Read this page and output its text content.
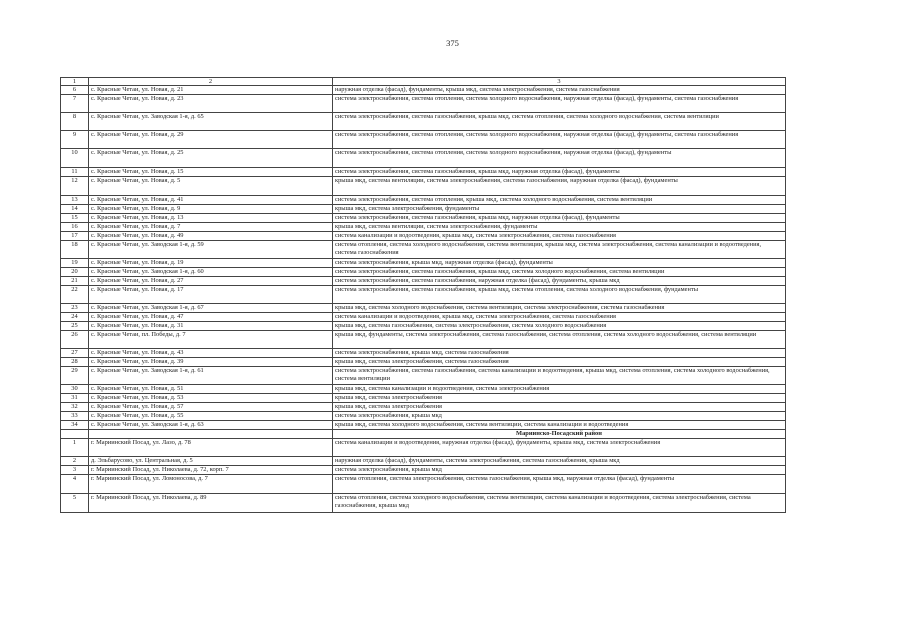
375
1	2	3
6	с. Красные Четаи, ул. Новая, д. 21	наружная отделка (фасад), фундаменты, крыша мкд, система электроснабжения, система газоснабжения
7	с. Красные Четаи, ул. Новая, д. 23	система электроснабжения, система отопления, система холодного водоснабжения, наружная отделка (фасад), фундаменты, система газоснабжения
8	с. Красные Четаи, ул. Заводская 1-я, д. 65	система электроснабжения, система газоснабжения, крыша мкд, система отопления, система холодного водоснабжения, система вентиляции
9	с. Красные Четаи, ул. Новая, д. 29	система электроснабжения, система отопления, система холодного водоснабжения, наружная отделка (фасад), фундаменты, система газоснабжения
10	с. Красные Четаи, ул. Новая, д. 25	система электроснабжения, система отопления, система холодного водоснабжения, наружная отделка (фасад), фундаменты
11	с. Красные Четаи, ул. Новая, д. 15	система электроснабжения, система газоснабжения, крыша мкд, наружная отделка (фасад), фундаменты
12	с. Красные Четаи, ул. Новая, д. 5	крыша мкд, система вентиляции, система электроснабжения, система газоснабжения, наружная отделка (фасад), фундаменты
13	с. Красные Четаи, ул. Новая, д. 41	система электроснабжения, система отопления, крыша мкд, система холодного водоснабжения, система вентиляции
14	с. Красные Четаи, ул. Новая, д. 9	крыша мкд, система электроснабжения, фундаменты
15	с. Красные Четаи, ул. Новая, д. 13	система электроснабжения, система газоснабжения, крыша мкд, наружная отделка (фасад), фундаменты
16	с. Красные Четаи, ул. Новая, д. 7	крыша мкд, система вентиляции, система электроснабжения, фундаменты
17	с. Красные Четаи, ул. Новая, д. 49	система канализации и водоотведения, крыша мкд, система электроснабжения, система газоснабжения
18	с. Красные Четаи, ул. Заводская 1-я, д. 59	система отопления, система холодного водоснабжения, система вентиляции, крыша мкд, система электроснабжения, система канализации и водоотведения, система газоснабжения
19	с. Красные Четаи, ул. Новая, д. 19	система электроснабжения, крыша мкд, наружная отделка (фасад), фундаменты
20	с. Красные Четаи, ул. Заводская 1-я, д. 60	система электроснабжения, система газоснабжения, крыша мкд, система холодного водоснабжения, система вентиляции
21	с. Красные Четаи, ул. Новая, д. 27	система электроснабжения, система газоснабжения, наружная отделка (фасад), фундаменты, крыша мкд
22	с. Красные Четаи, ул. Новая, д. 17	система электроснабжения, система газоснабжения, крыша мкд, система отопления, система холодного водоснабжения, фундаменты
23	с. Красные Четаи, ул. Заводская 1-я, д. 67	крыша мкд, система холодного водоснабжения, система вентиляции, система электроснабжения, система газоснабжения
24	с. Красные Четаи, ул. Новая, д. 47	система канализации и водоотведения, крыша мкд, система электроснабжения, система газоснабжения
25	с. Красные Четаи, ул. Новая, д. 31	крыша мкд, система газоснабжения, система электроснабжения, система холодного водоснабжения
26	с. Красные Четаи, пл. Победы, д. 7	крыша мкд, фундаменты, система электроснабжения, система газоснабжения, система отопления, система холодного водоснабжения, система вентиляции
27	с. Красные Четаи, ул. Новая, д. 43	система электроснабжения, крыша мкд, система газоснабжения
28	с. Красные Четаи, ул. Новая, д. 39	крыша мкд, система электроснабжения, система газоснабжения
29	с. Красные Четаи, ул. Заводская 1-я, д. 61	система электроснабжения, система газоснабжения, система канализации и водоотведения, крыша мкд, система отопления, система холодного водоснабжения, система вентиляции
30	с. Красные Четаи, ул. Новая, д. 51	крыша мкд, система канализации и водоотведения, система электроснабжения
31	с. Красные Четаи, ул. Новая, д. 53	крыша мкд, система электроснабжения
32	с. Красные Четаи, ул. Новая, д. 57	крыша мкд, система электроснабжения
33	с. Красные Четаи, ул. Новая, д. 55	система электроснабжения, крыша мкд
34	с. Красные Четаи, ул. Заводская 1-я, д. 63	крыша мкд, система холодного водоснабжения, система вентиляции, система канализации и водоотведения
		Мариинско-Посадский район
1	г. Мариинский Посад, ул. Лазо, д. 78	система канализации и водоотведения, наружная отделка (фасад), фундаменты, крыша мкд, система электроснабжения
2	д. Эльбарусово, ул. Центральная, д. 5	наружная отделка (фасад), фундаменты, система электроснабжения, система газоснабжения, крыша мкд
3	г. Мариинский Посад, ул. Николаева, д. 72, корп. 7	система электроснабжения, крыша мкд
4	г. Мариинский Посад, ул. Ломоносова, д. 7	система отопления, система электроснабжения, система газоснабжения, крыша мкд, наружная отделка (фасад), фундаменты
5	г. Мариинский Посад, ул. Николаева, д. 89	система отопления, система холодного водоснабжения, система вентиляции, система канализации и водоотведения, система электроснабжения, система газоснабжения, крыша мкд
